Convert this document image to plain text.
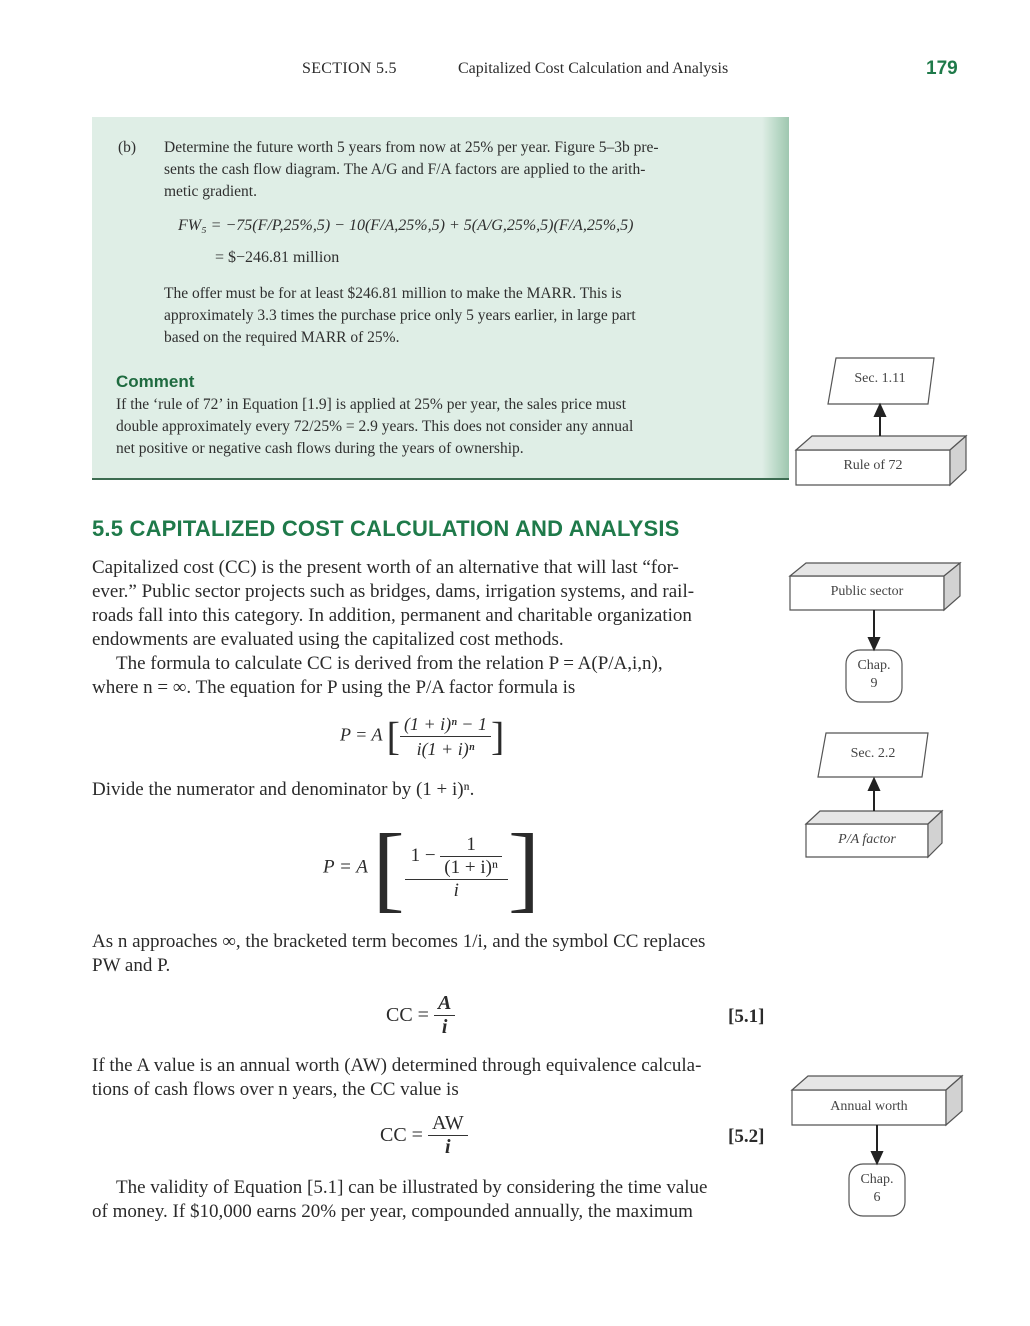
SECTION 5.5	Capitalized Cost Calculation and Analysis	179
(b) Determine the future worth 5 years from now at 25% per year. Figure 5–3b pre-
sents the cash flow diagram. The A/G and F/A factors are applied to the arith-
metic gradient.
FW₅ = −75(F/P,25%,5) − 10(F/A,25%,5) + 5(A/G,25%,5)(F/A,25%,5)
= $−246.81 million
The offer must be for at least $246.81 million to make the MARR. This is
approximately 3.3 times the purchase price only 5 years earlier, in large part
based on the required MARR of 25%.
Comment
If the ‘rule of 72’ in Equation [1.9] is applied at 25% per year, the sales price must
double approximately every 72/25% = 2.9 years. This does not consider any annual
net positive or negative cash flows during the years of ownership.
5.5 CAPITALIZED COST CALCULATION AND ANALYSIS
Capitalized cost (CC) is the present worth of an alternative that will last “for-
ever.” Public sector projects such as bridges, dams, irrigation systems, and rail-
roads fall into this category. In addition, permanent and charitable organization
endowments are evaluated using the capitalized cost methods.
The formula to calculate CC is derived from the relation P = A(P/A,i,n),
where n = ∞. The equation for P using the P/A factor formula is
P = A [ $\frac{\text{(1 + i)ⁿ − 1}}{\text{i(1 + i)ⁿ}}$ ]
Divide the numerator and denominator by (1 + i)ⁿ.
P = A [ $\frac{1 - \frac{1}{\text{(1 + i)ⁿ}}}{i}$ ]
As n approaches ∞, the bracketed term becomes 1/i, and the symbol CC replaces
PW and P.
CC = $\frac{A}{i}$	[5.1]
If the A value is an annual worth (AW) determined through equivalence calcula-
tions of cash flows over n years, the CC value is
CC = $\frac{AW}{i}$	[5.2]
The validity of Equation [5.1] can be illustrated by considering the time value
of money. If $10,000 earns 20% per year, compounded annually, the maximum
Sec. 1.11
Rule of 72
Public sector
Chap.
9
Sec. 2.2
P/A factor
Annual worth
Chap.
6
